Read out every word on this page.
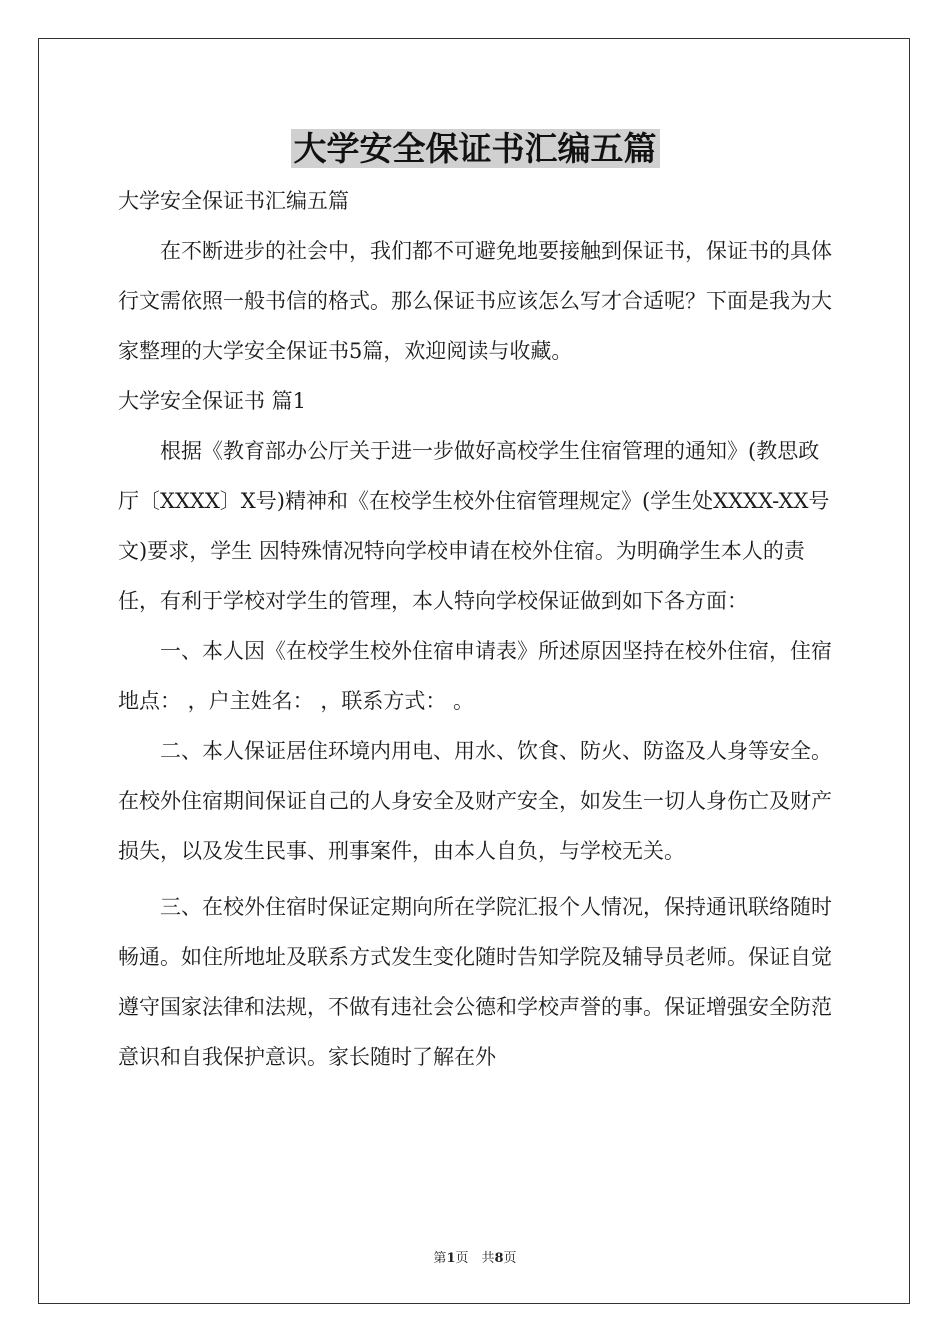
大学安全保证书汇编五篇

大学安全保证书汇编五篇

在不断进步的社会中，我们都不可避免地要接触到保证书，保证书的具体行文需依照一般书信的格式。那么保证书应该怎么写才合适呢？下面是我为大家整理的大学安全保证书5篇，欢迎阅读与收藏。

大学安全保证书 篇1

根据《教育部办公厅关于进一步做好高校学生住宿管理的通知》(教思政厅〔XXXX〕X号)精神和《在校学生校外住宿管理规定》(学生处XXXX-XX号文)要求，学生 因特殊情况特向学校申请在校外住宿。为明确学生本人的责任，有利于学校对学生的管理，本人特向学校保证做到如下各方面：

一、本人因《在校学生校外住宿申请表》所述原因坚持在校外住宿，住宿地点： ，户主姓名： ，联系方式： 。

二、本人保证居住环境内用电、用水、饮食、防火、防盗及人身等安全。在校外住宿期间保证自己的人身安全及财产安全，如发生一切人身伤亡及财产损失，以及发生民事、刑事案件，由本人自负，与学校无关。

三、在校外住宿时保证定期向所在学院汇报个人情况，保持通讯联络随时畅通。如住所地址及联系方式发生变化随时告知学院及辅导员老师。保证自觉遵守国家法律和法规，不做有违社会公德和学校声誉的事。保证增强安全防范意识和自我保护意识。家长随时了解在外

第1页　共8页
